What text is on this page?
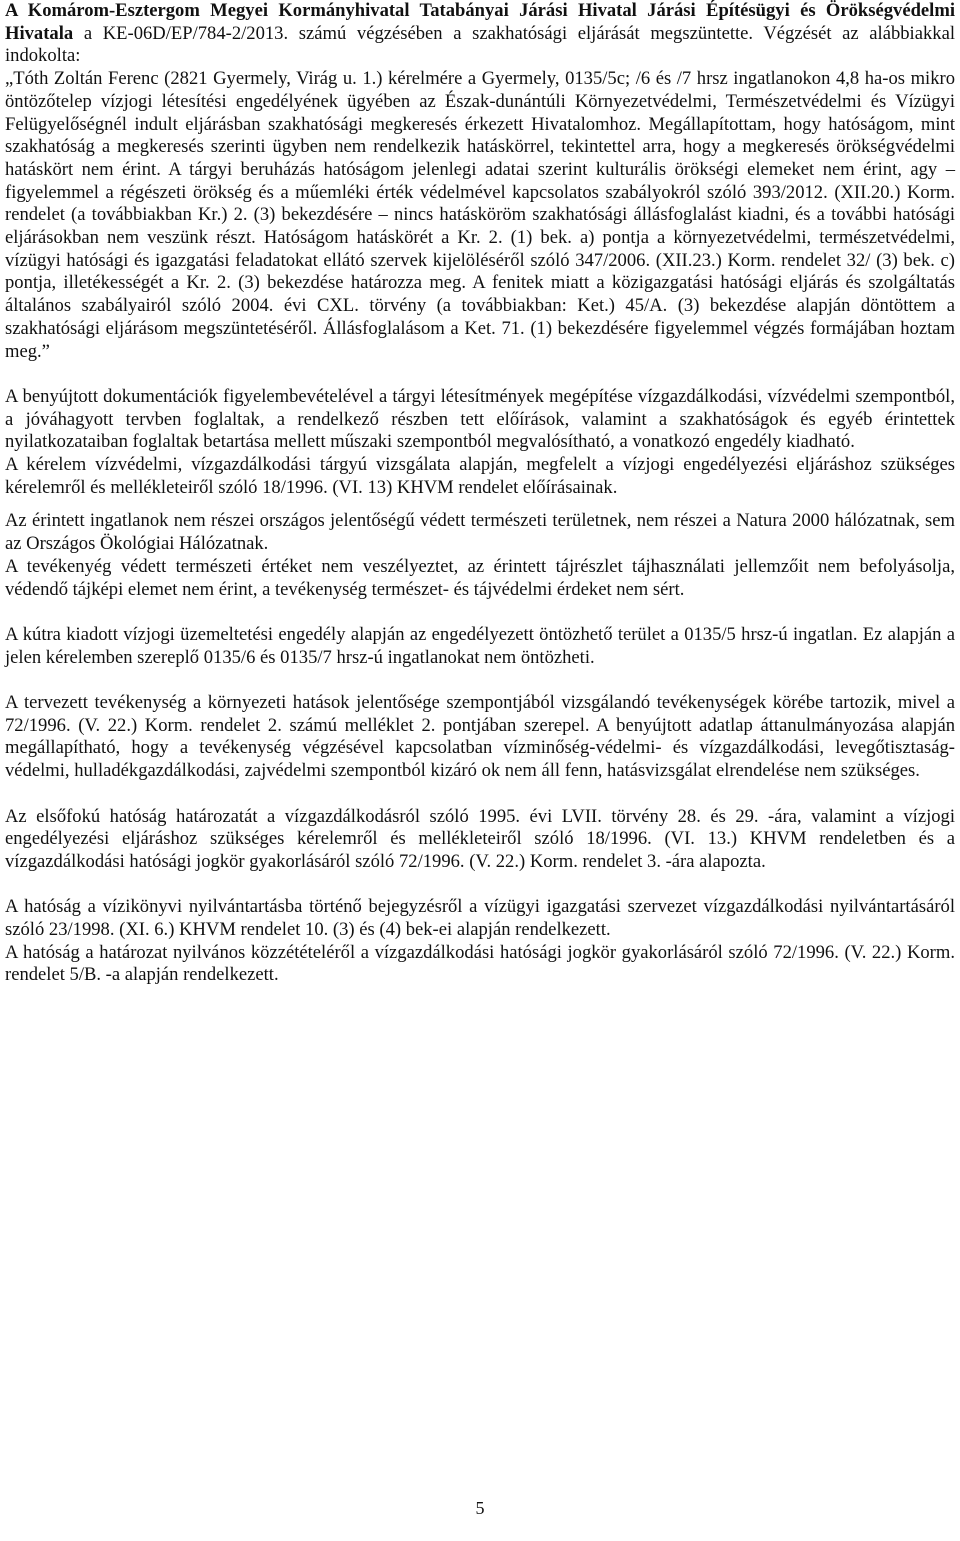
A Komárom-Esztergom Megyei Kormányhivatal Tatabányai Járási Hivatal Járási Építésügyi és Örökségvédelmi Hivatala a KE-06D/EP/784-2/2013. számú végzésében a szakhatósági eljárását megszüntette. Végzését az alábbiakkal indokolta:
„Tóth Zoltán Ferenc (2821 Gyermely, Virág u. 1.) kérelmére a Gyermely, 0135/5c; /6 és /7 hrsz ingatlanokon 4,8 ha-os mikro öntözőtelep vízjogi létesítési engedélyének ügyében az Észak-dunántúli Környezetvédelmi, Természetvédelmi és Vízügyi Felügyelőségnél indult eljárásban szakhatósági megkeresés érkezett Hivatalomhoz. Megállapítottam, hogy hatóságom, mint szakhatóság a megkeresés szerinti ügyben nem rendelkezik hatáskörrel, tekintettel arra, hogy a megkeresés örökségvédelmi hatáskört nem érint. A tárgyi beruházás hatóságom jelenlegi adatai szerint kulturális örökségi elemeket nem érint, agy – figyelemmel a régészeti örökség és a műemléki érték védelmével kapcsolatos szabályokról szóló 393/2012. (XII.20.) Korm. rendelet (a továbbiakban Kr.) 2. (3) bekezdésére – nincs hatásköröm szakhatósági állásfoglalást kiadni, és a további hatósági eljárásokban nem veszünk részt. Hatóságom hatáskörét a Kr. 2. (1) bek. a) pontja a környezetvédelmi, természetvédelmi, vízügyi hatósági és igazgatási feladatokat ellátó szervek kijelöléséről szóló 347/2006. (XII.23.) Korm. rendelet 32/ (3) bek. c) pontja, illetékességét a Kr. 2. (3) bekezdése határozza meg. A fenitek miatt a közigazgatási hatósági eljárás és szolgáltatás általános szabályairól szóló 2004. évi CXL. törvény (a továbbiakban: Ket.) 45/A. (3) bekezdése alapján döntöttem a szakhatósági eljárásom megszüntetéséről. Állásfoglalásom a Ket. 71. (1) bekezdésére figyelemmel végzés formájában hoztam meg.”

A benyújtott dokumentációk figyelembevételével a tárgyi létesítmények megépítése vízgazdálkodási, vízvédelmi szempontból, a jóváhagyott tervben foglaltak, a rendelkező részben tett előírások, valamint a szakhatóságok és egyéb érintettek nyilatkozataiban foglaltak betartása mellett műszaki szempontból megvalósítható, a vonatkozó engedély kiadható.

A kérelem vízvédelmi, vízgazdálkodási tárgyú vizsgálata alapján, megfelelt a vízjogi engedélyezési eljáráshoz szükséges kérelemről és mellékleteiről szóló 18/1996. (VI. 13) KHVM rendelet előírásainak.

Az érintett ingatlanok nem részei országos jelentőségű védett természeti területnek, nem részei a Natura 2000 hálózatnak, sem az Országos Ökológiai Hálózatnak.

A tevékenyég védett természeti értéket nem veszélyeztet, az érintett tájrészlet tájhasználati jellemzőit nem befolyásolja, védendő tájképi elemet nem érint, a tevékenység természet- és tájvédelmi érdeket nem sért.

A kútra kiadott vízjogi üzemeltetési engedély alapján az engedélyezett öntözhető terület a 0135/5 hrsz-ú ingatlan. Ez alapján a jelen kérelemben szereplő 0135/6 és 0135/7 hrsz-ú ingatlanokat nem öntözheti.

A tervezett tevékenység a környezeti hatások jelentősége szempontjából vizsgálandó tevékenységek körébe tartozik, mivel a 72/1996. (V. 22.) Korm. rendelet 2. számú melléklet 2. pontjában szerepel. A benyújtott adatlap áttanulmányozása alapján megállapítható, hogy a tevékenység végzésével kapcsolatban vízminőség-védelmi- és vízgazdálkodási, levegőtisztaság- védelmi, hulladékgazdálkodási, zajvédelmi szempontból kizáró ok nem áll fenn, hatásvizsgálat elrendelése nem szükséges.

Az elsőfokú hatóság határozatát a vízgazdálkodásról szóló 1995. évi LVII. törvény 28. és 29. -ára, valamint a vízjogi engedélyezési eljáráshoz szükséges kérelemről és mellékleteiről szóló 18/1996. (VI. 13.) KHVM rendeletben és a vízgazdálkodási hatósági jogkör gyakorlásáról szóló 72/1996. (V. 22.) Korm. rendelet 3. -ára alapozta.

A hatóság a vízikönyvi nyilvántartásba történő bejegyzésről a vízügyi igazgatási szervezet vízgazdálkodási nyilvántartásáról szóló 23/1998. (XI. 6.) KHVM rendelet 10. (3) és (4) bek-ei alapján rendelkezett.

A hatóság a határozat nyilvános közzétételéről a vízgazdálkodási hatósági jogkör gyakorlásáról szóló 72/1996. (V. 22.) Korm. rendelet 5/B. -a alapján rendelkezett.

5
